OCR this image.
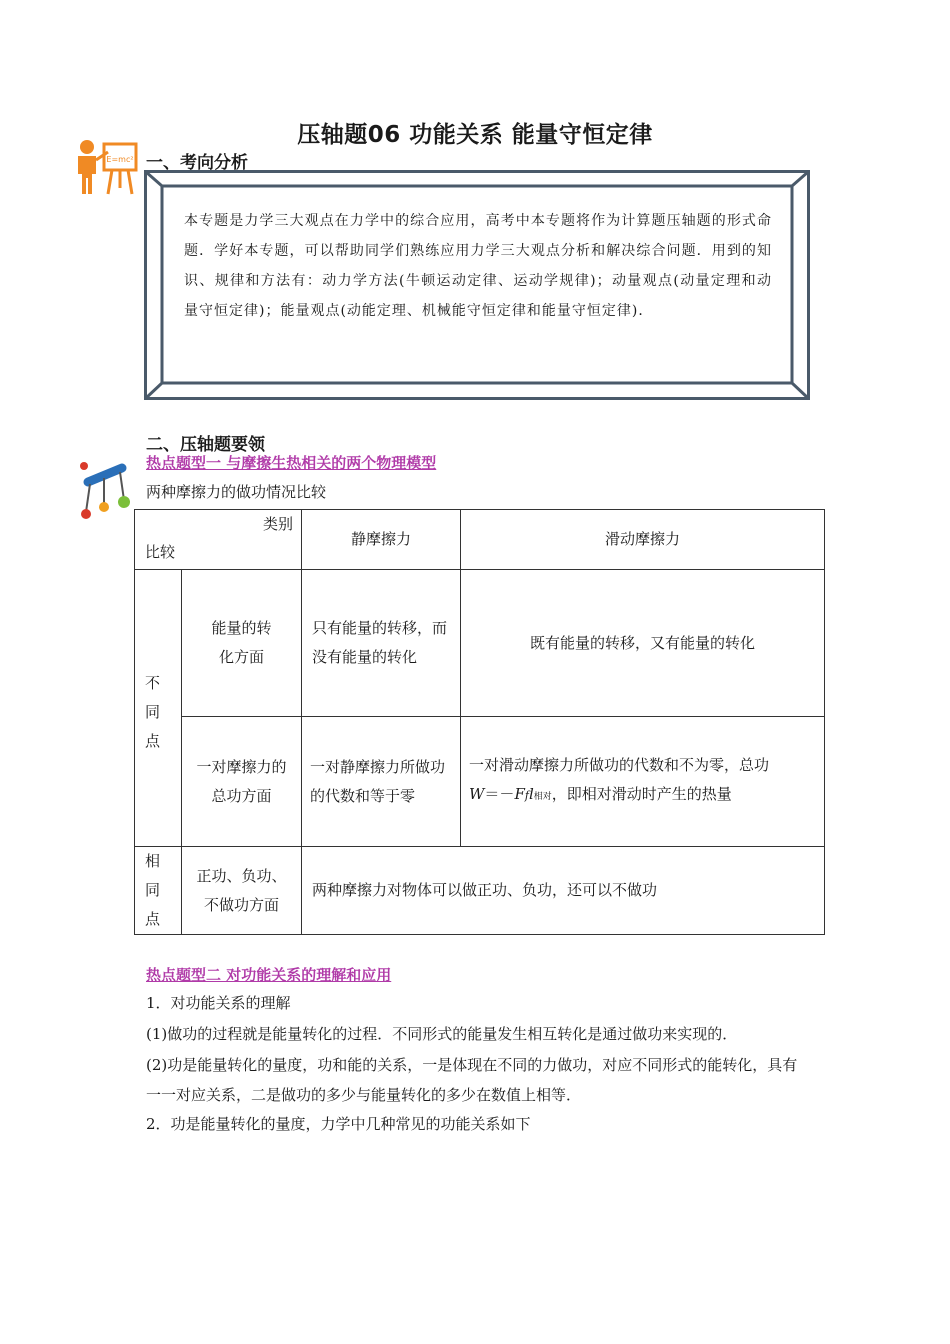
压轴题06 功能关系 能量守恒定律
E=mc² 一、考向分析
本专题是力学三大观点在力学中的综合应用，高考中本专题将作为计算题压轴题的形式命题．学好本专题，可以帮助同学们熟练应用力学三大观点分析和解决综合问题．用到的知识、规律和方法有：动力学方法(牛顿运动定律、运动学规律)；动量观点(动量定理和动量守恒定律)；能量观点(动能定理、机械能守恒定律和能量守恒定律)．
二、压轴题要领
热点题型一 与摩擦生热相关的两个物理模型
两种摩擦力的做功情况比较
类别
比较		静摩擦力	滑动摩擦力

不同点	能量的转化方面	只有能量的转移，而没有能量的转化	既有能量的转移，又有能量的转化

	一对摩擦力的总功方面	一对静摩擦力所做功的代数和等于零	一对滑动摩擦力所做功的代数和不为零，总功
W＝－Ffl相对，即相对滑动时产生的热量

相同点	正功、负功、不做功方面	两种摩擦力对物体可以做正功、负功，还可以不做功	
热点题型二 对功能关系的理解和应用
1．对功能关系的理解
(1)做功的过程就是能量转化的过程．不同形式的能量发生相互转化是通过做功来实现的．
(2)功是能量转化的量度，功和能的关系，一是体现在不同的力做功，对应不同形式的能转化，具有一一对应关系，二是做功的多少与能量转化的多少在数值上相等．
2．功是能量转化的量度，力学中几种常见的功能关系如下
